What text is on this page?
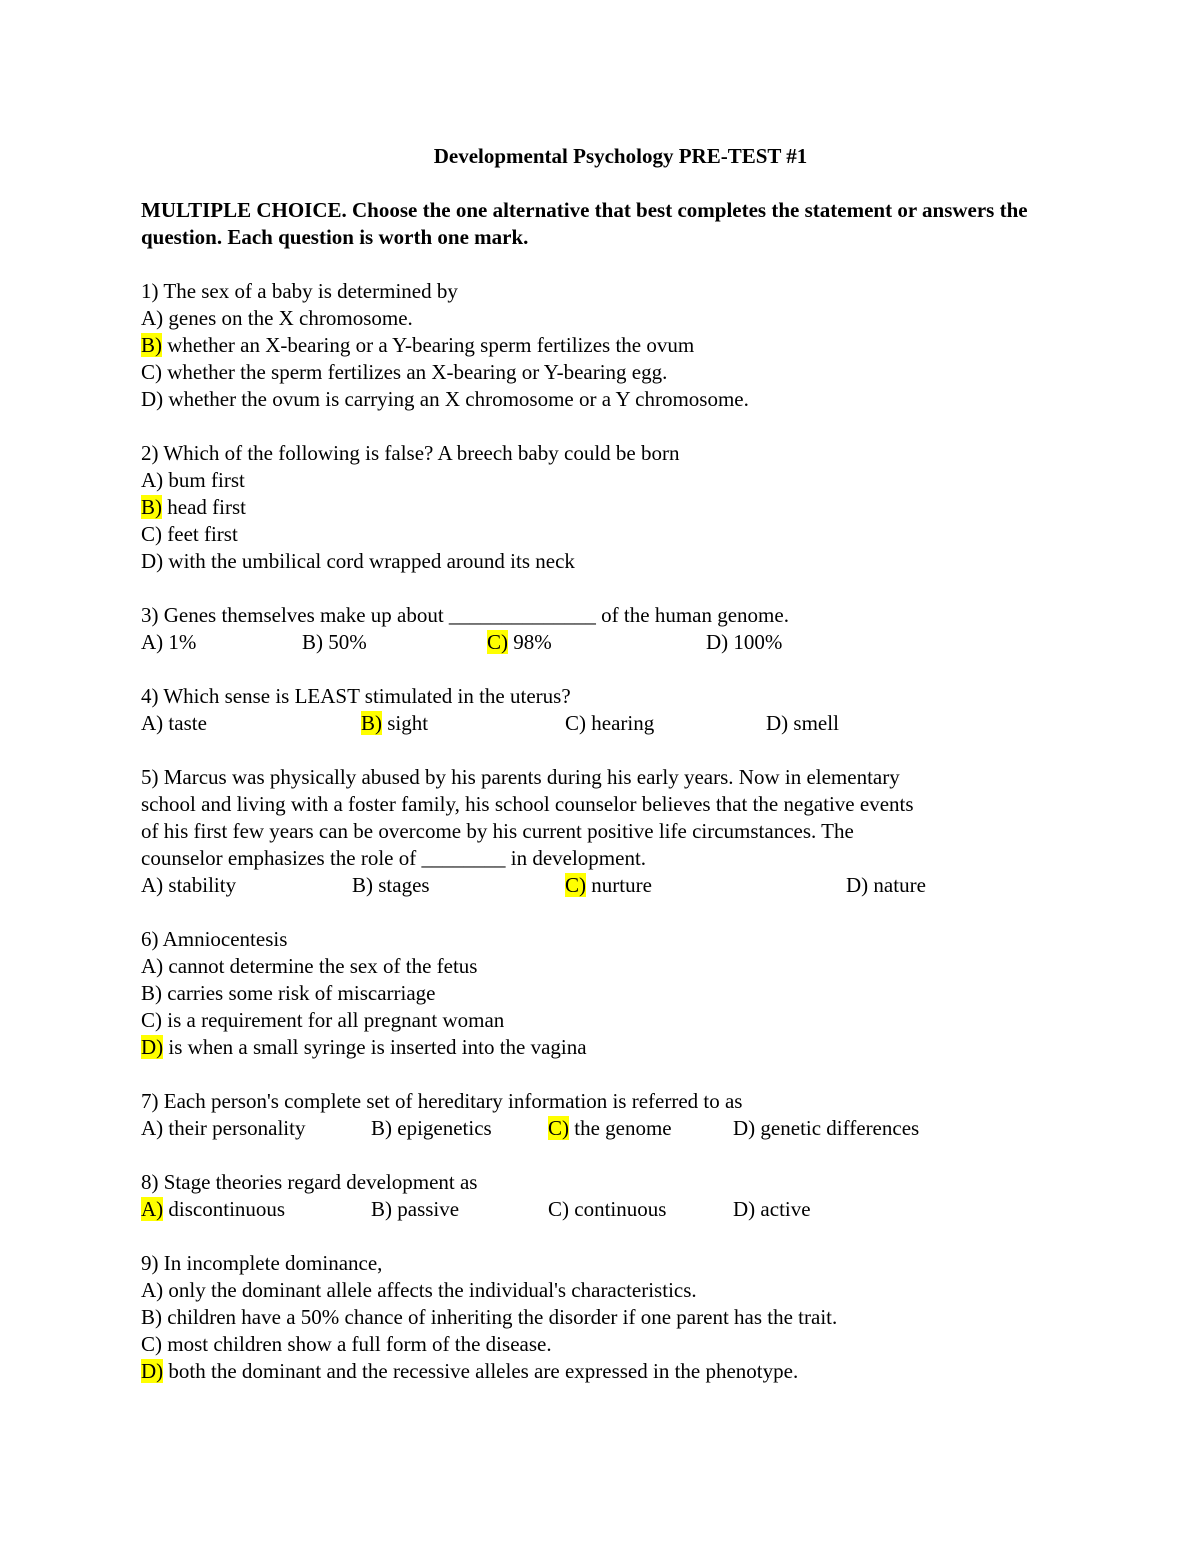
Developmental Psychology PRE-TEST #1
MULTIPLE CHOICE. Choose the one alternative that best completes the statement or answers the question. Each question is worth one mark.
1) The sex of a baby is determined by
A) genes on the X chromosome.
B) whether an X-bearing or a Y-bearing sperm fertilizes the ovum
C) whether the sperm fertilizes an X-bearing or Y-bearing egg.
D) whether the ovum is carrying an X chromosome or a Y chromosome.
2) Which of the following is false? A breech baby could be born
A) bum first
B) head first
C) feet first
D) with the umbilical cord wrapped around its neck
3) Genes themselves make up about ______________ of the human genome.
A) 1%	B) 50%	C) 98%	D) 100%
4) Which sense is LEAST stimulated in the uterus?
A) taste	B) sight	C) hearing	D) smell
5) Marcus was physically abused by his parents during his early years. Now in elementary
school and living with a foster family, his school counselor believes that the negative events
of his first few years can be overcome by his current positive life circumstances. The
counselor emphasizes the role of ________ in development.
A) stability	B) stages	C) nurture	D) nature
6) Amniocentesis
A) cannot determine the sex of the fetus
B) carries some risk of miscarriage
C) is a requirement for all pregnant woman
D) is when a small syringe is inserted into the vagina
7) Each person's complete set of hereditary information is referred to as
A) their personality	B) epigenetics	C) the genome	D) genetic differences
8) Stage theories regard development as
A) discontinuous	B) passive	C) continuous	D) active
9) In incomplete dominance,
A) only the dominant allele affects the individual's characteristics.
B) children have a 50% chance of inheriting the disorder if one parent has the trait.
C) most children show a full form of the disease.
D) both the dominant and the recessive alleles are expressed in the phenotype.
